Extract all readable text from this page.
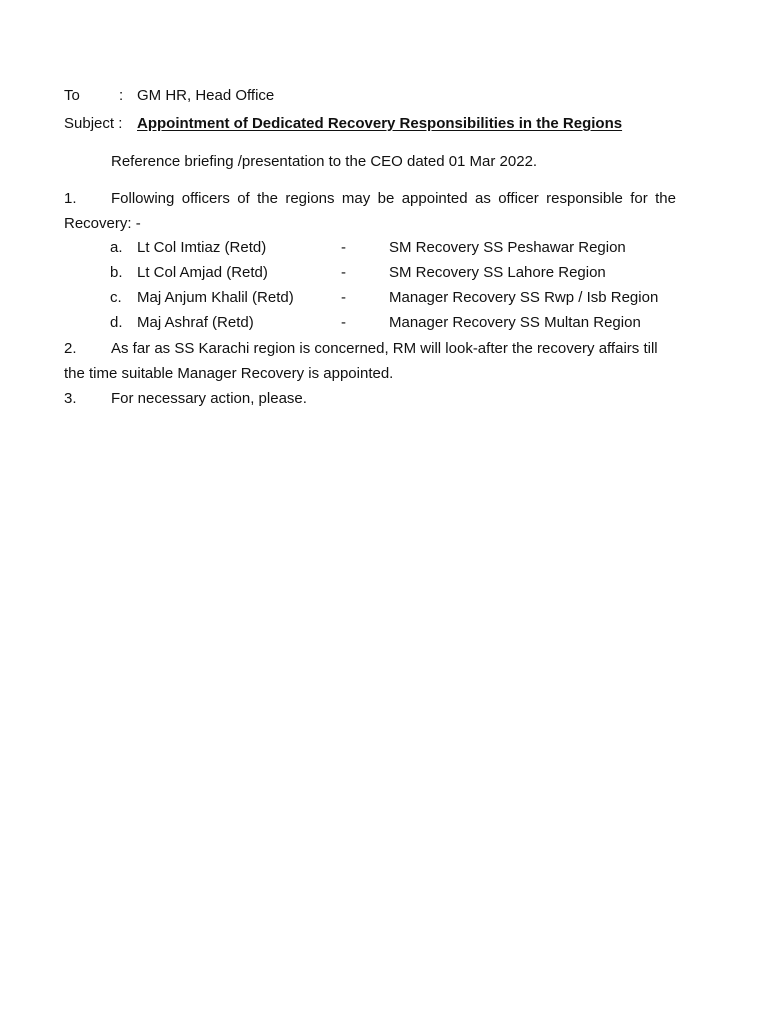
To	: GM HR, Head Office
Subject : Appointment of Dedicated Recovery Responsibilities in the Regions
Reference briefing /presentation to the CEO dated 01 Mar 2022.
1. Following officers of the regions may be appointed as officer responsible for the Recovery: -
a. Lt Col Imtiaz (Retd)	-	SM Recovery SS Peshawar Region
b. Lt Col Amjad (Retd)	-	SM Recovery SS Lahore Region
c. Maj Anjum Khalil (Retd)	-	Manager Recovery SS Rwp / Isb Region
d. Maj Ashraf (Retd)	-	Manager Recovery SS Multan Region
2. As far as SS Karachi region is concerned, RM will look-after the recovery affairs till the time suitable Manager Recovery is appointed.
3. For necessary action, please.
